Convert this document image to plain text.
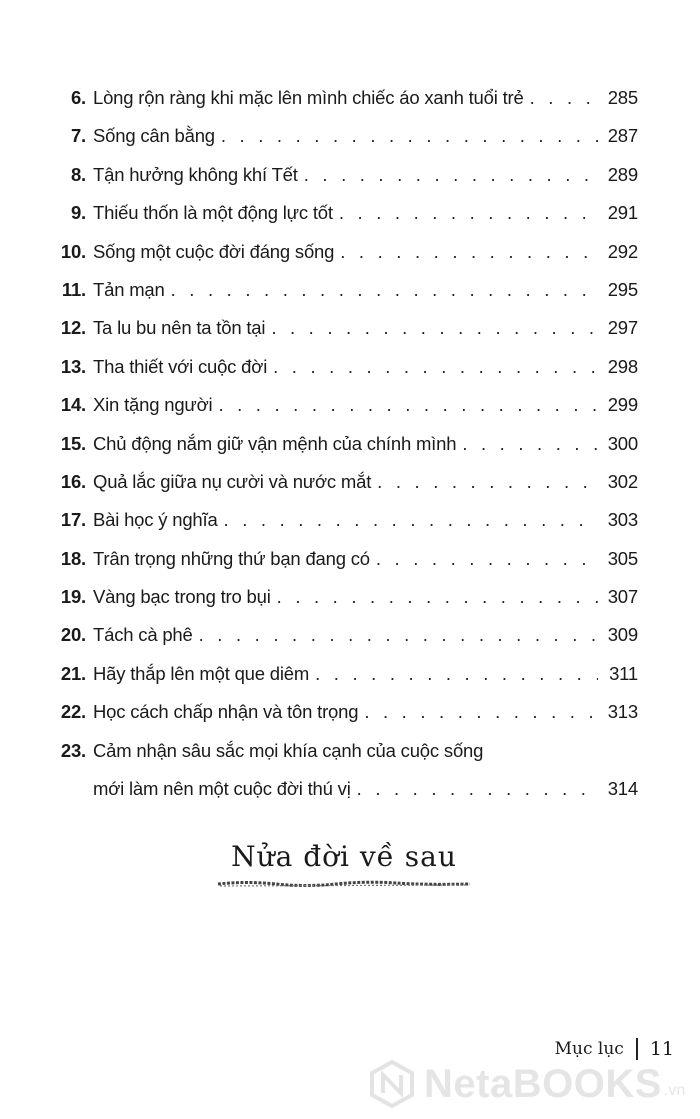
6. Lòng rộn ràng khi mặc lên mình chiếc áo xanh tuổi trẻ . . .	285
7. Sống cân bằng . . .	287
8. Tận hưởng không khí Tết . . .	289
9. Thiếu thốn là một động lực tốt . . .	291
10. Sống một cuộc đời đáng sống . . .	292
11. Tản mạn . . .	295
12. Ta lu bu nên ta tồn tại . . .	297
13. Tha thiết với cuộc đời . . .	298
14. Xin tặng người . . .	299
15. Chủ động nắm giữ vận mệnh của chính mình . . .	300
16. Quả lắc giữa nụ cười và nước mắt . . .	302
17. Bài học ý nghĩa . . .	303
18. Trân trọng những thứ bạn đang có . . .	305
19. Vàng bạc trong tro bụi . . .	307
20. Tách cà phê . . .	309
21. Hãy thắp lên một que diêm . . .	311
22. Học cách chấp nhận và tôn trọng . . .	313
23. Cảm nhận sâu sắc mọi khía cạnh của cuộc sống
mới làm nên một cuộc đời thú vị . . .	314
Nửa đời về sau
Mục lục 11
NetaBOOKS .vn
